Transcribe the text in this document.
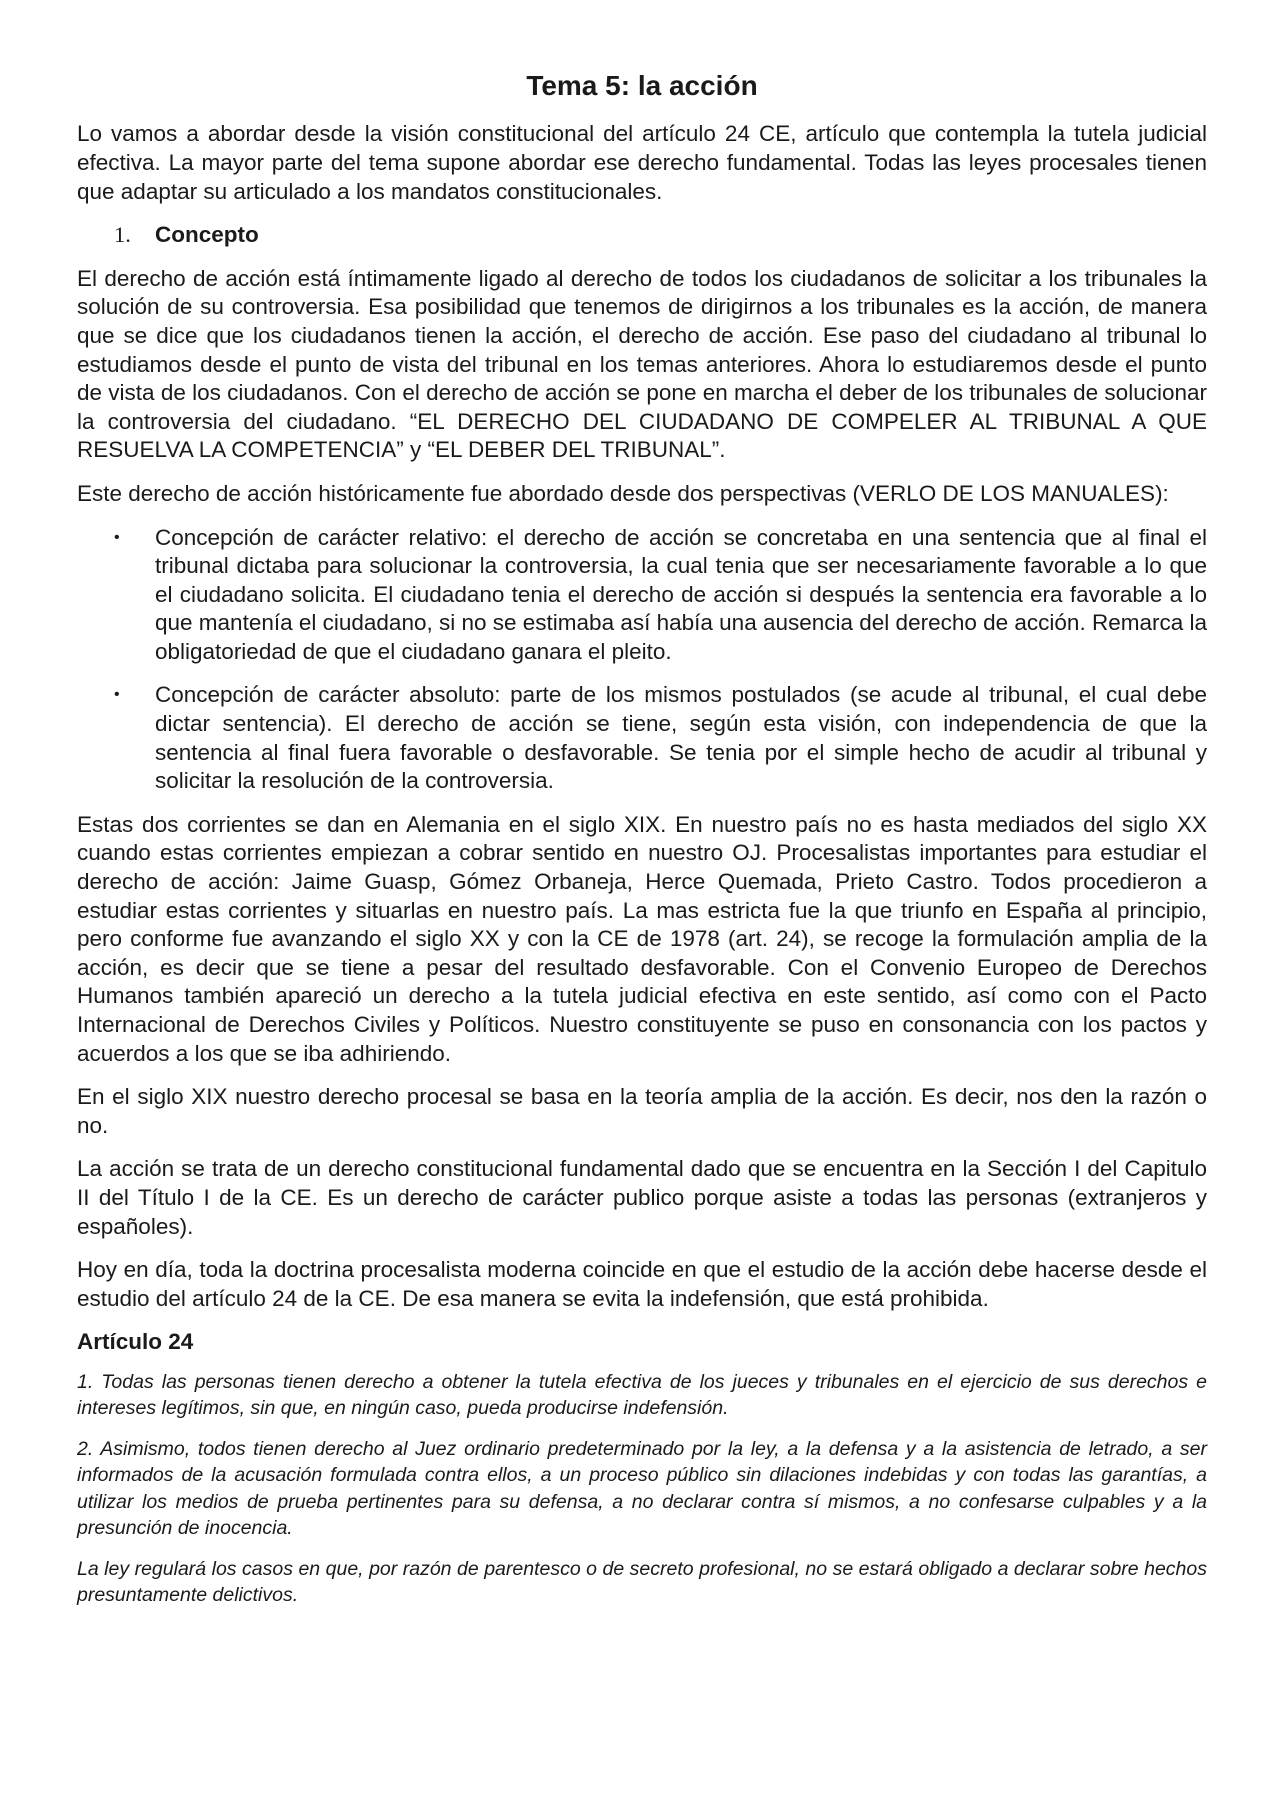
Tema 5: la acción

Lo vamos a abordar desde la visión constitucional del artículo 24 CE, artículo que contempla la tutela judicial efectiva. La mayor parte del tema supone abordar ese derecho fundamental. Todas las leyes procesales tienen que adaptar su articulado a los mandatos constitucionales.

1.	Concepto

El derecho de acción está íntimamente ligado al derecho de todos los ciudadanos de solicitar a los tribunales la solución de su controversia. Esa posibilidad que tenemos de dirigirnos a los tribunales es la acción, de manera que se dice que los ciudadanos tienen la acción, el derecho de acción. Ese paso del ciudadano al tribunal lo estudiamos desde el punto de vista del tribunal en los temas anteriores. Ahora lo estudiaremos desde el punto de vista de los ciudadanos. Con el derecho de acción se pone en marcha el deber de los tribunales de solucionar la controversia del ciudadano. “EL DERECHO DEL CIUDADANO DE COMPELER AL TRIBUNAL A QUE RESUELVA LA COMPETENCIA” y “EL DEBER DEL TRIBUNAL”.

Este derecho de acción históricamente fue abordado desde dos perspectivas (VERLO DE LOS MANUALES):

•	Concepción de carácter relativo: el derecho de acción se concretaba en una sentencia que al final el tribunal dictaba para solucionar la controversia, la cual tenia que ser necesariamente favorable a lo que el ciudadano solicita. El ciudadano tenia el derecho de acción si después la sentencia era favorable a lo que mantenía el ciudadano, si no se estimaba así había una ausencia del derecho de acción. Remarca la obligatoriedad de que el ciudadano ganara el pleito.
•	Concepción de carácter absoluto: parte de los mismos postulados (se acude al tribunal, el cual debe dictar sentencia). El derecho de acción se tiene, según esta visión, con independencia de que la sentencia al final fuera favorable o desfavorable. Se tenia por el simple hecho de acudir al tribunal y solicitar la resolución de la controversia.

Estas dos corrientes se dan en Alemania en el siglo XIX. En nuestro país no es hasta mediados del siglo XX cuando estas corrientes empiezan a cobrar sentido en nuestro OJ. Procesalistas importantes para estudiar el derecho de acción: Jaime Guasp, Gómez Orbaneja, Herce Quemada, Prieto Castro. Todos procedieron a estudiar estas corrientes y situarlas en nuestro país. La mas estricta fue la que triunfo en España al principio, pero conforme fue avanzando el siglo XX y con la CE de 1978 (art. 24), se recoge la formulación amplia de la acción, es decir que se tiene a pesar del resultado desfavorable. Con el Convenio Europeo de Derechos Humanos también apareció un derecho a la tutela judicial efectiva en este sentido, así como con el Pacto Internacional de Derechos Civiles y Políticos. Nuestro constituyente se puso en consonancia con los pactos y acuerdos a los que se iba adhiriendo.

En el siglo XIX nuestro derecho procesal se basa en la teoría amplia de la acción. Es decir, nos den la razón o no.

La acción se trata de un derecho constitucional fundamental dado que se encuentra en la Sección I del Capitulo II del Título I de la CE. Es un derecho de carácter publico porque asiste a todas las personas (extranjeros y españoles).

Hoy en día, toda la doctrina procesalista moderna coincide en que el estudio de la acción debe hacerse desde el estudio del artículo 24 de la CE. De esa manera se evita la indefensión, que está prohibida.

Artículo 24

1. Todas las personas tienen derecho a obtener la tutela efectiva de los jueces y tribunales en el ejercicio de sus derechos e intereses legítimos, sin que, en ningún caso, pueda producirse indefensión.

2. Asimismo, todos tienen derecho al Juez ordinario predeterminado por la ley, a la defensa y a la asistencia de letrado, a ser informados de la acusación formulada contra ellos, a un proceso público sin dilaciones indebidas y con todas las garantías, a utilizar los medios de prueba pertinentes para su defensa, a no declarar contra sí mismos, a no confesarse culpables y a la presunción de inocencia.

La ley regulará los casos en que, por razón de parentesco o de secreto profesional, no se estará obligado a declarar sobre hechos presuntamente delictivos.
